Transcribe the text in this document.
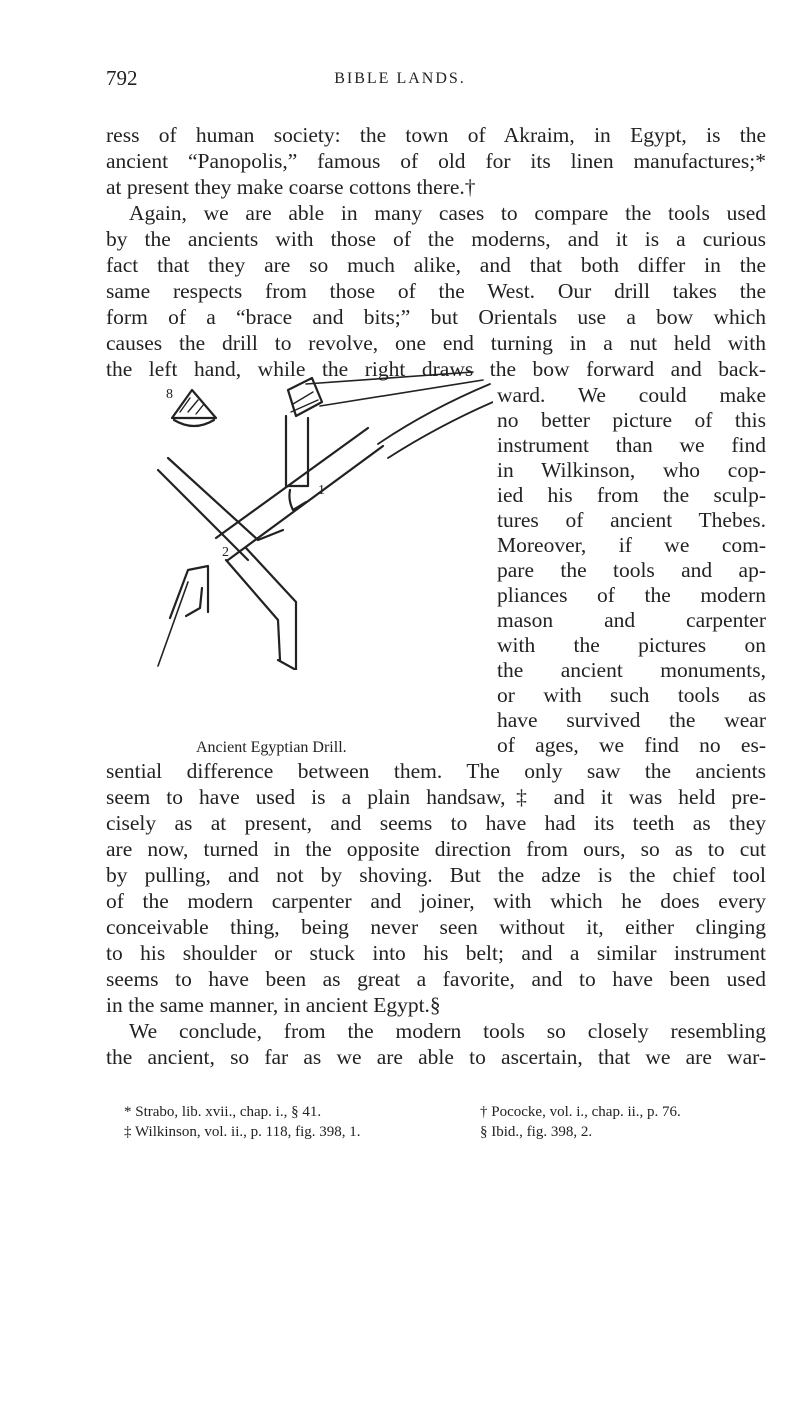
792	BIBLE LANDS.
ress of human society: the town of Akraim, in Egypt, is the
ancient “Panopolis,” famous of old for its linen manufactures;*
at present they make coarse cottons there.†
Again, we are able in many cases to compare the tools used
by the ancients with those of the moderns, and it is a curious
fact that they are so much alike, and that both differ in the
same respects from those of the West. Our drill takes the
form of a “brace and bits;” but Orientals use a bow which
causes the drill to revolve, one end turning in a nut held with
the left hand, while the right draws the bow forward and back-
ward. We could make
no better picture of this
instrument than we find
in Wilkinson, who cop-
ied his from the sculp-
tures of ancient Thebes.
Moreover, if we com-
pare the tools and ap-
pliances of the modern
mason and carpenter
with the pictures on
the ancient monuments,
or with such tools as
have survived the wear
of ages, we find no es-
8
1
2
Ancient Egyptian Drill.
sential difference between them. The only saw the ancients
seem to have used is a plain handsaw,‡ and it was held pre-
cisely as at present, and seems to have had its teeth as they
are now, turned in the opposite direction from ours, so as to cut
by pulling, and not by shoving. But the adze is the chief tool
of the modern carpenter and joiner, with which he does every
conceivable thing, being never seen without it, either clinging
to his shoulder or stuck into his belt; and a similar instrument
seems to have been as great a favorite, and to have been used
in the same manner, in ancient Egypt.§
We conclude, from the modern tools so closely resembling
the ancient, so far as we are able to ascertain, that we are war-
* Strabo, lib. xvii., chap. i., § 41.	† Pococke, vol. i., chap. ii., p. 76.
‡ Wilkinson, vol. ii., p. 118, fig. 398, 1.	§ Ibid., fig. 398, 2.
